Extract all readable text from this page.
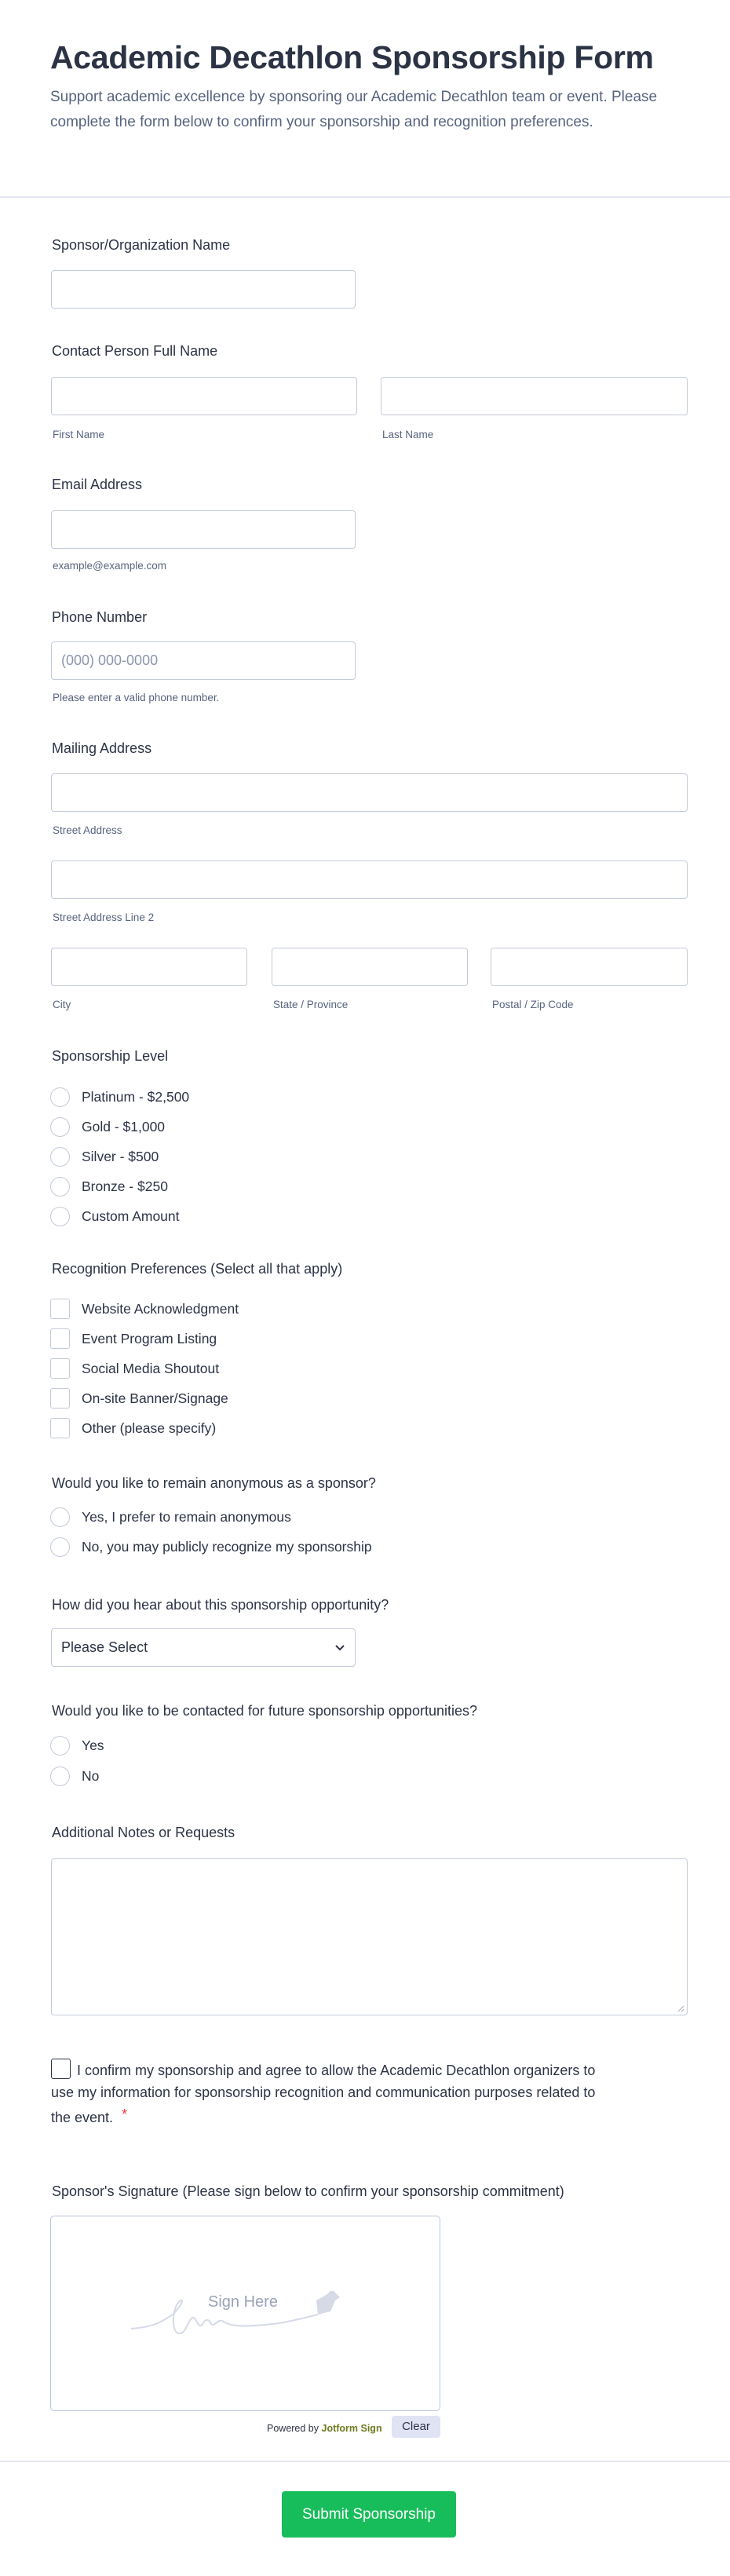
Academic Decathlon Sponsorship Form

Support academic excellence by sponsoring our Academic Decathlon team or event. Please complete the form below to confirm your sponsorship and recognition preferences.

Sponsor/Organization Name
Contact Person Full Name
First Name	Last Name
Email Address
example@example.com
Phone Number
(000) 000-0000
Please enter a valid phone number.
Mailing Address
Street Address
Street Address Line 2
City	State / Province	Postal / Zip Code
Sponsorship Level
Platinum - $2,500
Gold - $1,000
Silver - $500
Bronze - $250
Custom Amount
Recognition Preferences (Select all that apply)
Website Acknowledgment
Event Program Listing
Social Media Shoutout
On-site Banner/Signage
Other (please specify)
Would you like to remain anonymous as a sponsor?
Yes, I prefer to remain anonymous
No, you may publicly recognize my sponsorship
How did you hear about this sponsorship opportunity?
Please Select
Would you like to be contacted for future sponsorship opportunities?
Yes
No
Additional Notes or Requests
I confirm my sponsorship and agree to allow the Academic Decathlon organizers to use my information for sponsorship recognition and communication purposes related to the event. *
Sponsor's Signature (Please sign below to confirm your sponsorship commitment)
Sign Here
Powered by Jotform Sign	Clear
Submit Sponsorship
